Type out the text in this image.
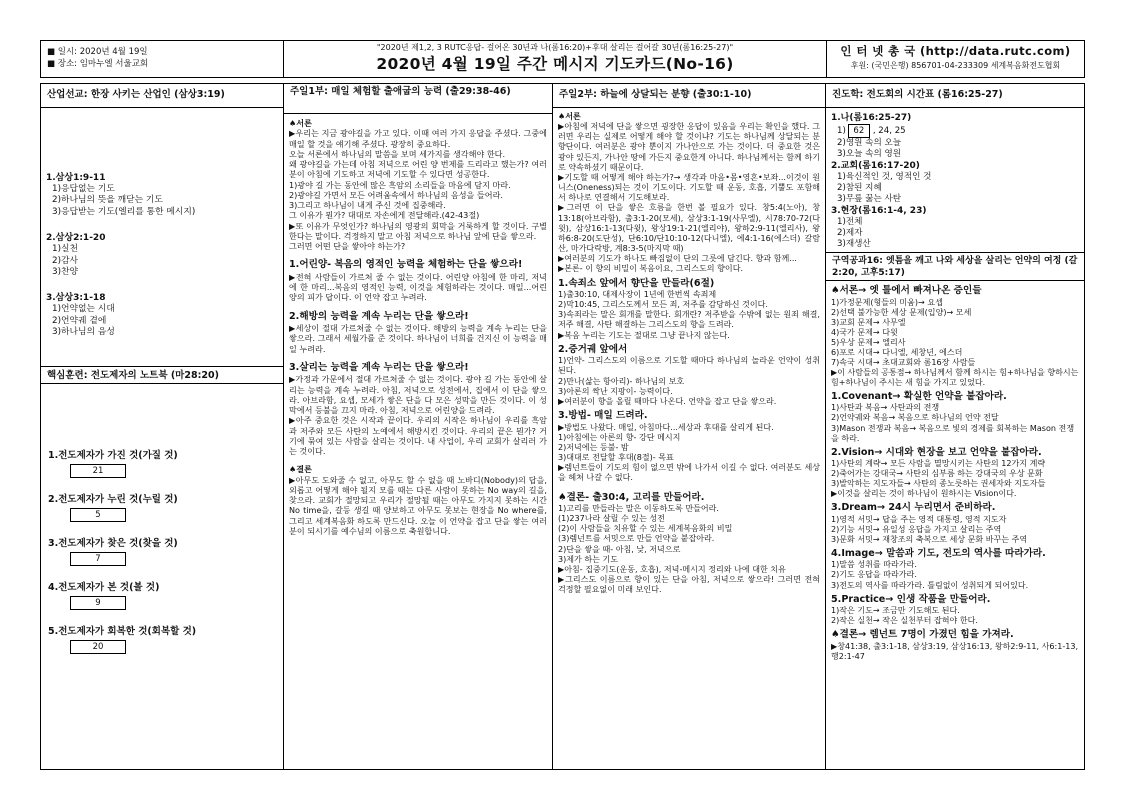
■ 일시: 2020년 4월 19일
■ 장소: 임마누엘 서울교회
"2020년 제1,2, 3 RUTC응답- 걸어온 30년과 나(롬16:20)+후대 살리는 걸어갈 30년(롬16:25-27)"
2020년 4월 19일 주간 메시지 기도카드(No-16)
인 터 넷 총 국 (http://data.rutc.com)
후원: (국민은행) 856701-04-233309 세계복음화전도협회
산업선교: 한장 사키는 산업인 (삼상3:19)
1.삼상1:9-11
1)응답없는 기도
2)하나님의 뜻을 깨닫는 기도
3)응답받는 기도(엘리를 통한 메시지)
2.삼상2:1-20
1)실천
2)감사
3)찬양
3.삼상3:1-18
1)언약없는 시대
2)언약궤 곁에
3)하나님의 음성
핵심훈련: 전도제자의 노트북 (마28:20)
1.전도제자가 가진 것(가질 것)
21
2.전도제자가 누린 것(누릴 것)
5
3.전도제자가 찾은 것(찾을 것)
7
4.전도제자가 본 것(볼 것)
9
5.전도제자가 회복한 것(회복할 것)
20
주일1부: 매일 체험할 출애굽의 능력 (출29:38-46)
♠서론

▶우리는 지금 광야길을 가고 있다. 이때 여러 가지 응답을 주셨다. 그중에 매일 할 것을 얘기해 주셨다. 광장히 중요하다.
오늘 서론에서 하나님의 말씀을 보며 세가지를 생각해야 한다.
왜 광야길을 가는데 아침 저녁으로 어린 양 번제를 드리라고 했는가? 여러분이 아침에 기도하고 저녁에 기도할 수 있다면 성공한다.
1)광야 길 가는 동안에 많은 흑암의 소리들을 마음에 담지 마라.
2)광야길 가면서 모든 어려움속에서 하나님의 음성을 들어라.
3)그리고 하나님이 내게 주신 것에 집중해라.
그 이유가 뭔가? 대대로 자손에게 전달해라.(42-43절)
▶또 이유가 무엇인가? 하나님의 영광의 회막을 거룩하게 할 것이다. 구별한다는 말이다. 걱정하지 말고 아침 저녁으로 하나님 앞에 단을 쌓으라.
그러면 어떤 단을 쌓아야 하는가?

1.어린양- 복음의 영적인 능력을 체험하는 단을 쌓으라!

▶전혀 사람들이 가르쳐 줄 수 없는 것이다. 어린양 아침에 한 마리, 저녁에 한 마리...복음의 영적인 능력, 이것을 체험하라는 것이다. 매일...어린양의 피가 답이다. 이 언약 잡고 누려라.

2.해방의 능력을 계속 누리는 단을 쌓으라!

▶세상이 절대 가르쳐줄 수 없는 것이다. 해방의 능력을 계속 누리는 단을 쌓으라. 그래서 세월가를 준 것이다. 하나님이 너희를 건지신 이 능력을 매일 누려라.

3.살리는 능력을 계속 누리는 단을 쌓으라!

▶가정과 가문에서 절대 가르쳐줄 수 없는 것이다. 광야 길 가는 동안에 살리는 능력을 계속 누려라. 아침, 저녁으로 성전에서, 집에서 이 단을 쌓으라. 아브라함, 요셉, 모세가 쌓은 단을 다 모은 성막을 만든 것이다. 이 성막에서 등불을 끄지 마라. 아침, 저녁으로 어린양을 드려라.
▶아주 중요한 것은 시작과 끝이다. 우리의 시작은 하나님이 우리를 흑암과 저주와 모든 사탄의 노예에서 해방시킨 것이다. 우리의 끝은 뭔가? 거기에 묶여 있는 사람을 살리는 것이다. 내 사업이, 우리 교회가 살리러 가는 것이다.

♠결론

▶아무도 도와줄 수 없고, 아무도 할 수 없을 때 노바디(Nobody)의 답을, 외롭고 어떻게 해야 될지 모를 때는 다른 사람이 못하는 No way의 길을, 찾으라. 교회가 절망되고 우리가 절망될 때는 아무도 가지지 못하는 시간 No time을, 갈등 생길 때 양보하고 아무도 못보는 현장을 No where를, 그리고 세계복음화 하도록 만드신다. 오늘 이 언약을 잡고 단을 쌓는 여러분이 되시기를 예수님의 이름으로 축원합니다.

주일2부: 하늘에 상달되는 분향 (출30:1-10)
♠서론

▶아침에 저녁에 단을 쌓으면 굉장한 응답이 있음을 우리는 확인을 했다. 그러면 우리는 실제로 어떻게 해야 할 것이냐? 기도는 하나님께 상달되는 분향단이다. 여러분은 광야 뿐이지 가나안으로 가는 것이다. 더 중요한 것은 광야 있든지, 가나안 땅에 가든지 중요한게 아니다. 하나님께서는 함께 하기로 약속하셨기 때문이다.
▶기도할 때 어떻게 해야 하는가?→ 생각과 마음•몸•영혼•보좌...이것이 원니스(Oneness)되는 것이 기도이다. 기도할 때 운동, 호흡, 기뿔도 포함해서 하나로 연결해서 기도해보라.
▶그러면 이 단을 쌓은 흐름을 한번 볼 필요가 있다. 창5:4(노아), 창13:18(아브라함), 출3:1-20(모세), 삼상3:1-19(사무엘), 시78:70-72(다윗), 삼상16:1-13(다윗), 왕상19:1-21(엘리야), 왕하2:9-11(엘리사), 왕하6:8-20(도단성), 단6:10/단10:10-12(다니엘), 에4:1-16(에스더) 갈람산, 마가다락방, 계8:3-5(마지막 때)
▶여러분의 기도가 하나도 빠짐없이 단의 그릇에 담긴다. 향과 함께...
▶본론- 이 향의 비밀이 복음이요, 그리스도의 향이다.

1.속죄소 앞에서 향단을 만들라(6절)

1)출30:10, 대제사장이 1년에 한번씩 속죄제
2)막10:45, 그리스도께서 모든 죄, 저주를 감당하신 것이다.
3)속죄라는 말은 회개를 말한다. 회개란? 저주받을 수밖에 없는 원죄 해결, 저주 해결, 사탄 해결하는 그리스도의 향을 드려라.
▶복음 누리는 기도는 절대로 그냥 끝나지 않는다.

2.증거궤 앞에서

1)언약- 그리스도의 이름으로 기도할 때마다 하나님의 놀라운 언약이 성취된다.
2)만나(삶는 항아리)- 하나님의 보호
3)아론의 싹난 지팡이- 능력이다.
▶여러분이 향을 올릴 때마다 나온다. 언약을 잡고 단을 쌓으라.

3.방법- 매일 드려라.

▶방법도 나왔다. 매일, 아침마다...세상과 후대를 살리게 된다.
1)아침에는 아론의 향- 강단 메시지
2)저녁에는 등불- 밤
3)대대로 전달할 후대(8절)- 목표
▶렘넌트들이 기도의 힘이 없으면 밖에 나가서 이길 수 없다. 여러분도 세상을 헤쳐 나갈 수 없다.

♠결론- 출30:4, 고리를 만들어라.

1)고리를 만들라는 말은 이동하도록 만들어라.
(1)237나라 살릴 수 있는 성전
(2)이 사람들을 치유할 수 있는 세계복음화의 비밀
(3)렘넌트를 서밋으로 만들 언약을 붙잡아라.
2)단을 쌓을 때- 아침, 낮, 저녁으로
3)제가 하는 기도
▶아침- 집중기도(운동, 호흡), 저녁-메시지 정리와 나에 대한 치유
▶그리스도 이름으로 향이 있는 단을 아침, 저녁으로 쌓으라! 그러면 전혀 걱정할 필요없이 미래 보인다.

진도학: 전도회의 시간표 (롬16:25-27)
1.나(롬16:25-27)
1) 62 , 24, 25
2)영원 속의 오늘
3)오늘 속의 영원
2.교회(롬16:17-20)
1)육신적인 것, 영적인 것
2)참된 지혜
3)무릎 꿇는 사탄
3.현장(롬16:1-4, 23)
1)전체
2)제자
3)재생산
구역공과16: 엣틈을 깨고 나와 세상을 살리는 언약의 여정 (갈2:20, 고후5:17)
♠서론→ 엣 틀에서 빠져나온 증인들

1)가정문제(형들의 미움)→ 요셉
2)선택 불가능한 세상 문제(입양)→ 모세
3)교회 문제→ 사무엘
4)국가 문제→ 다윗
5)우상 문제→ 엘리사
6)포로 시대→ 다니엘, 세창년, 에스더
7)속국 시대→ 초대교회와 롬16장 사람들
▶이 사람들의 공통점→ 하나님께서 함께 하시는 힘+하나님을 향하시는 힘+하나님이 주시는 새 힘을 가지고 있었다.

1.Covenant→ 확실한 언약을 붙잡아라.

1)사탄과 복음→ 사탄과의 전쟁
2)언약궤와 복음→ 복음으로 하나님의 언약 전달
3)Mason 전쟁과 복음→ 복음으로 빛의 경제를 회복하는 Mason 전쟁을 하라.

2.Vision→ 시대와 현장을 보고 언약을 붙잡아라.

1)사탄의 계략→ 모든 사람을 멸망시키는 사탄의 12가지 계략
2)죽어가는 강대국→ 사탄의 심부름 하는 강대국의 우상 문화
3)발악하는 지도자들→ 사탄의 종노릇하는 권세자와 지도자들
▶이것을 살리는 것이 하나님이 원하시는 Vision이다.

3.Dream→ 24시 누리면서 준비하라.

1)영적 서밋→ 답을 주는 영적 대통령, 영적 지도자
2)기능 서밋→ 유일성 응답을 가지고 살리는 주역
3)문화 서밋→ 재창조의 축복으로 세상 문화 바꾸는 주역

4.Image→ 말씀과 기도, 전도의 역사를 따라가라.

1)말씀 성취를 따라가라.
2)기도 응답을 따라가라.
3)전도의 역사를 따라가라. 틀림없이 성취되게 되어있다.

5.Practice→ 인생 작품을 만들어라.

1)작은 기도→ 조금만 기도해도 된다.
2)작은 실천→ 작은 실천부터 잡혀야 한다.

♠결론→ 렘넌트 7명이 가졌던 힘을 가져라.

▶창41:38, 출3:1-18, 삼상3:19, 삼상16:13, 왕하2:9-11, 사6:1-13, 행2:1-47
